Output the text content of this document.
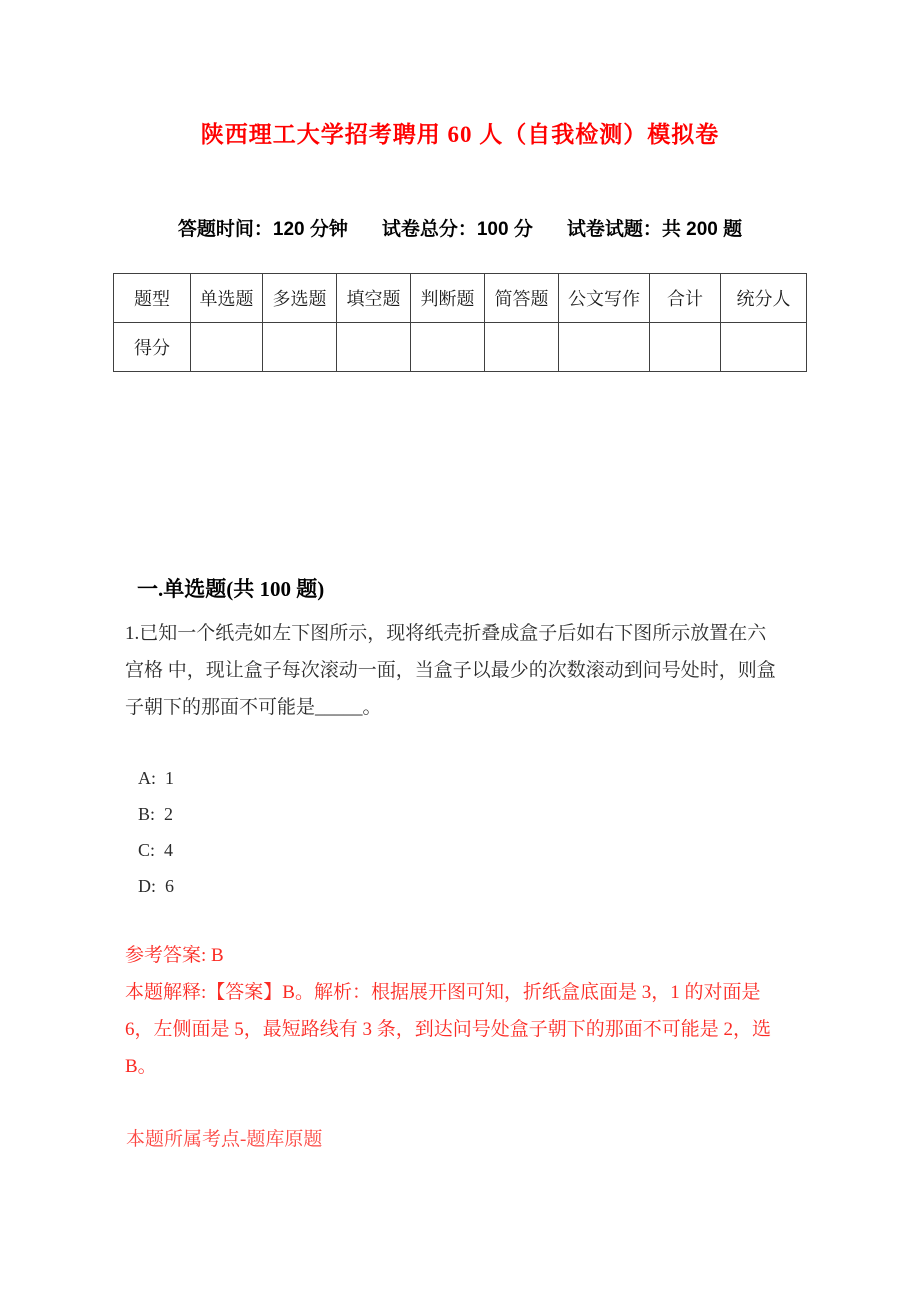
陕西理工大学招考聘用 60 人（自我检测）模拟卷
答题时间：120 分钟 试卷总分：100 分 试卷试题：共 200 题
题型	单选题	多选题	填空题	判断题	简答题	公文写作	合计	统分人
得分								
一.单选题(共 100 题)
1.已知一个纸壳如左下图所示，现将纸壳折叠成盒子后如右下图所示放置在六
宫格 中，现让盒子每次滚动一面，当盒子以最少的次数滚动到问号处时，则盒
子朝下的那面不可能是_____。
A:  1
B:  2
C:  4
D:  6
参考答案: B
本题解释:【答案】B。解析：根据展开图可知，折纸盒底面是 3，1 的对面是
6，左侧面是 5，最短路线有 3 条，到达问号处盒子朝下的那面不可能是 2，选
B。
本题所属考点-题库原题
